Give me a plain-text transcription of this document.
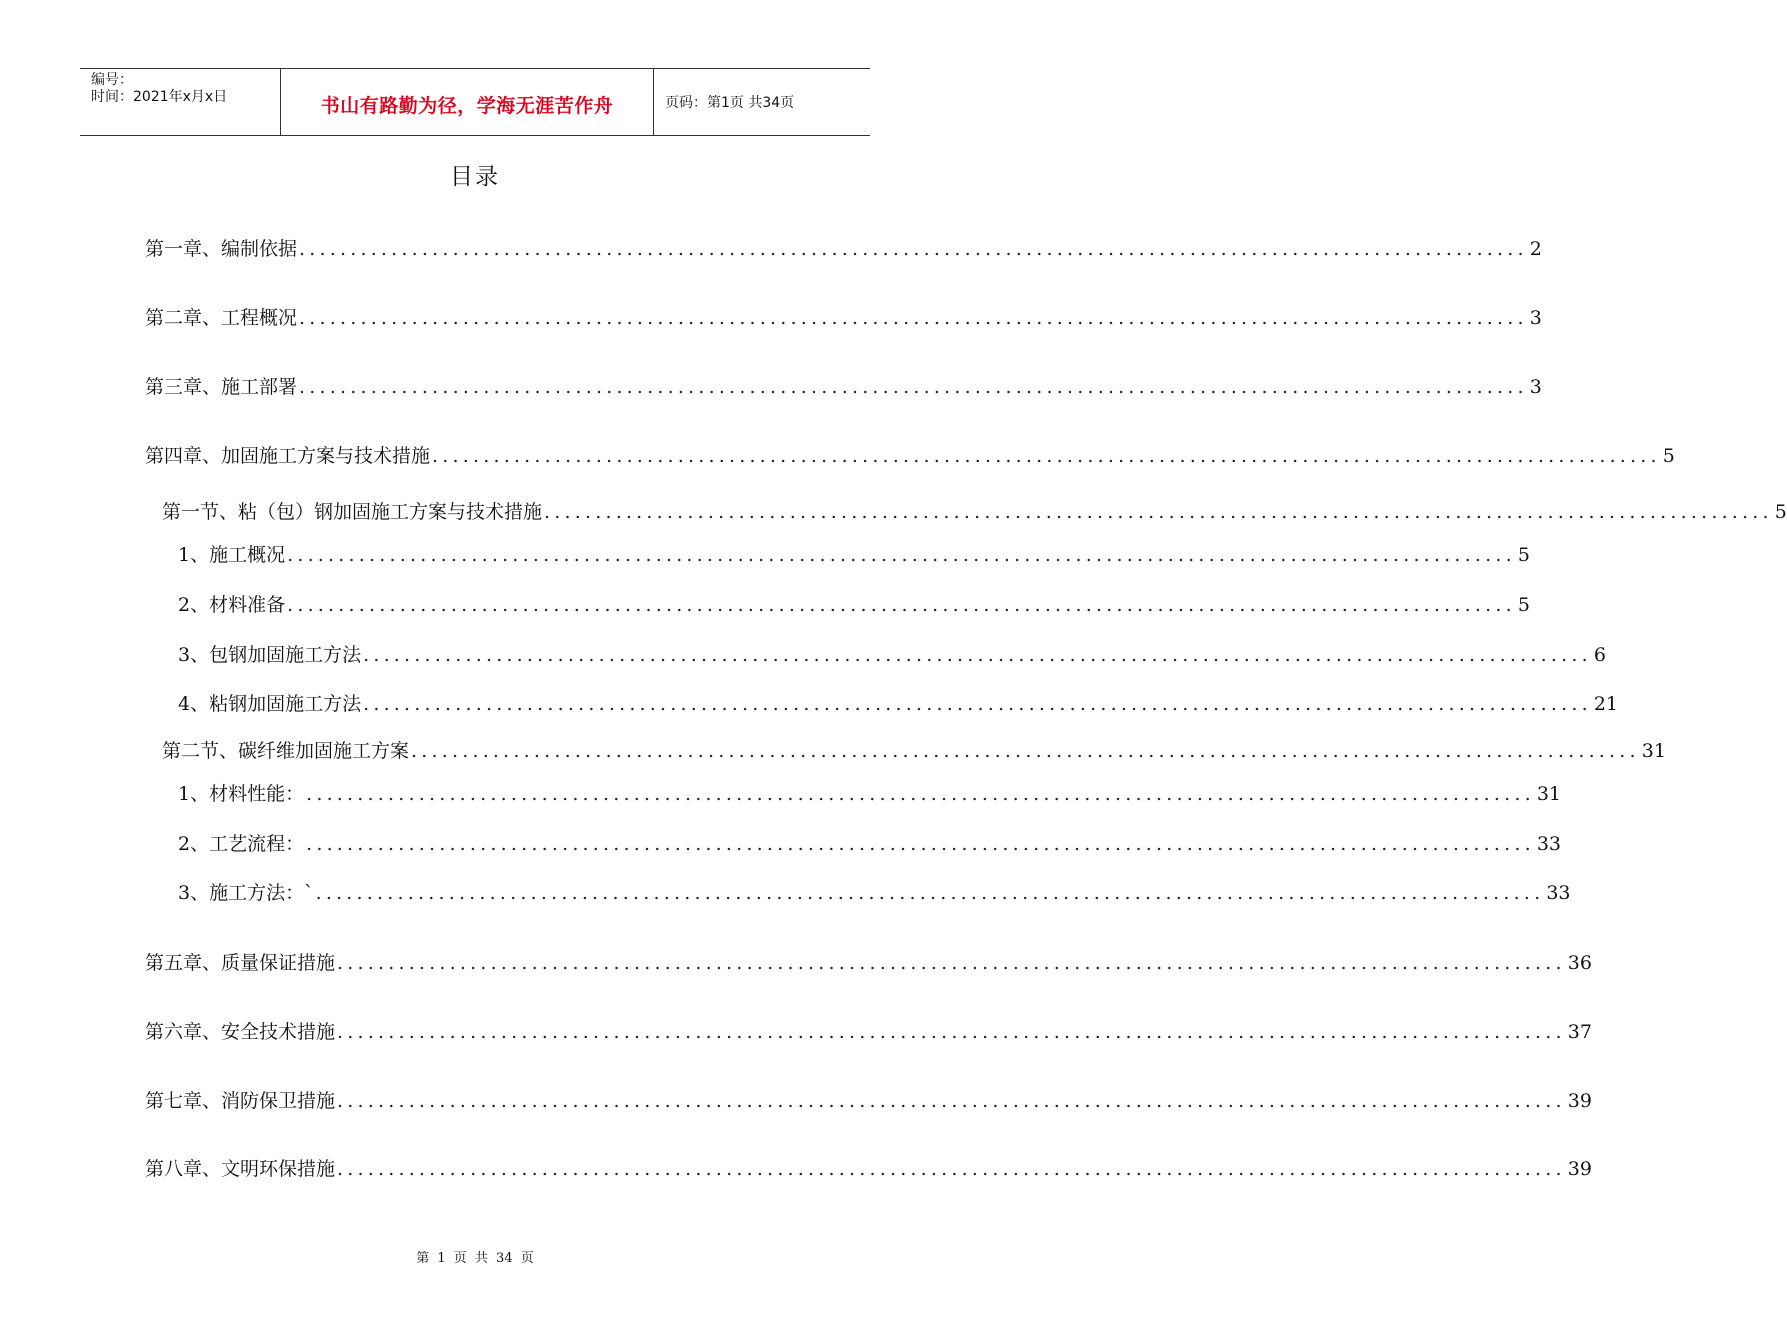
编号：
时间：2021年x月x日	书山有路勤为径，学海无涯苦作舟	页码：第1页 共34页
目录
第一章、编制依据 ........................................................................................................................ 2
第二章、工程概况 ........................................................................................................................ 3
第三章、施工部署 ........................................................................................................................ 3
第四章、加固施工方案与技术措施 ........................................................................................................................ 5
第一节、粘（包）钢加固施工方案与技术措施 ........................................................................................................................ 5
1、施工概况 ........................................................................................................................ 5
2、材料准备 ........................................................................................................................ 5
3、包钢加固施工方法 ........................................................................................................................ 6
4、粘钢加固施工方法 ........................................................................................................................ 21
第二节、碳纤维加固施工方案 ........................................................................................................................ 31
1、材料性能： ........................................................................................................................ 31
2、工艺流程： ........................................................................................................................ 33
3、施工方法：` ........................................................................................................................ 33
第五章、质量保证措施 ........................................................................................................................ 36
第六章、安全技术措施 ........................................................................................................................ 37
第七章、消防保卫措施 ........................................................................................................................ 39
第八章、文明环保措施 ........................................................................................................................ 39
第 1 页 共 34 页
